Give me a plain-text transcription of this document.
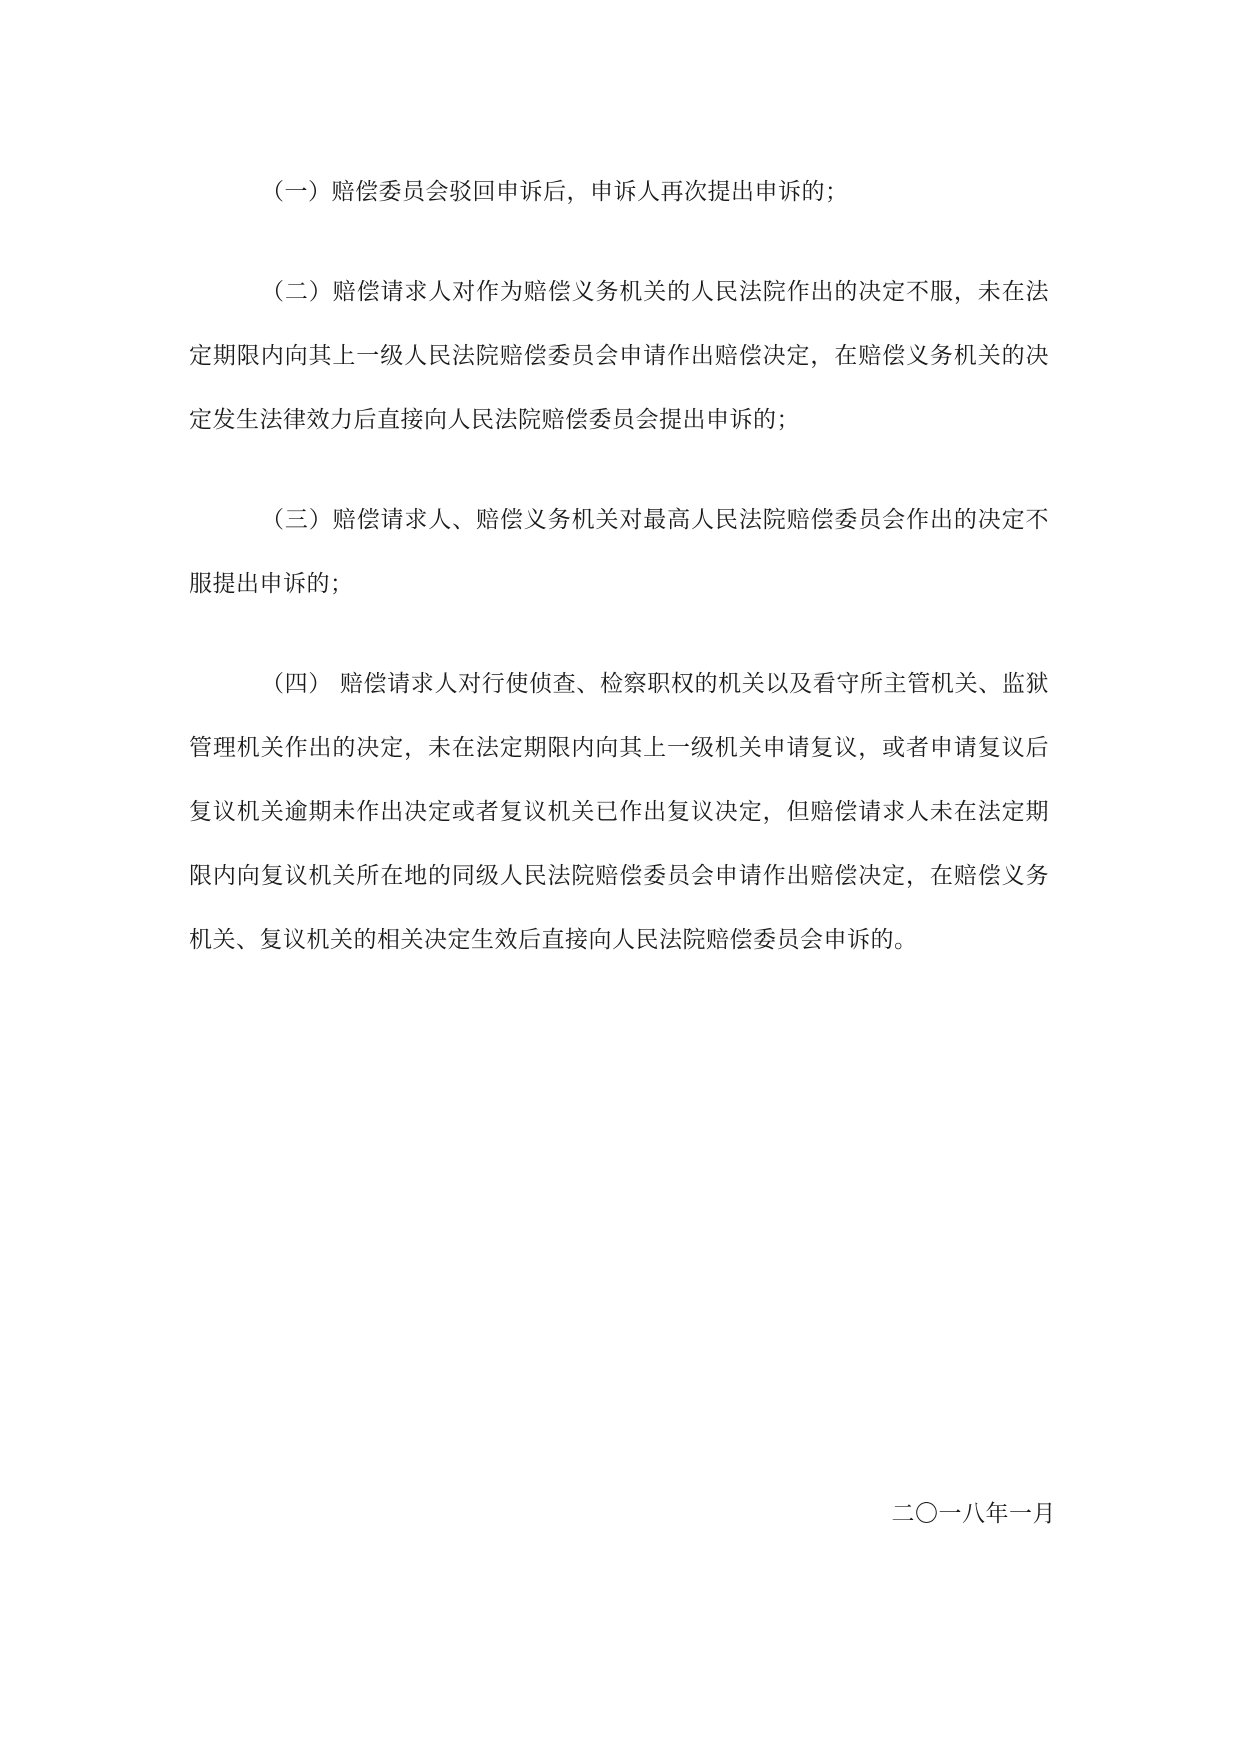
（一）赔偿委员会驳回申诉后，申诉人再次提出申诉的；

（二）赔偿请求人对作为赔偿义务机关的人民法院作出的决定不服，未在法定期限内向其上一级人民法院赔偿委员会申请作出赔偿决定，在赔偿义务机关的决定发生法律效力后直接向人民法院赔偿委员会提出申诉的；

（三）赔偿请求人、赔偿义务机关对最高人民法院赔偿委员会作出的决定不服提出申诉的；

（四） 赔偿请求人对行使侦查、检察职权的机关以及看守所主管机关、监狱管理机关作出的决定，未在法定期限内向其上一级机关申请复议，或者申请复议后复议机关逾期未作出决定或者复议机关已作出复议决定，但赔偿请求人未在法定期限内向复议机关所在地的同级人民法院赔偿委员会申请作出赔偿决定，在赔偿义务机关、复议机关的相关决定生效后直接向人民法院赔偿委员会申诉的。

二〇一八年一月
